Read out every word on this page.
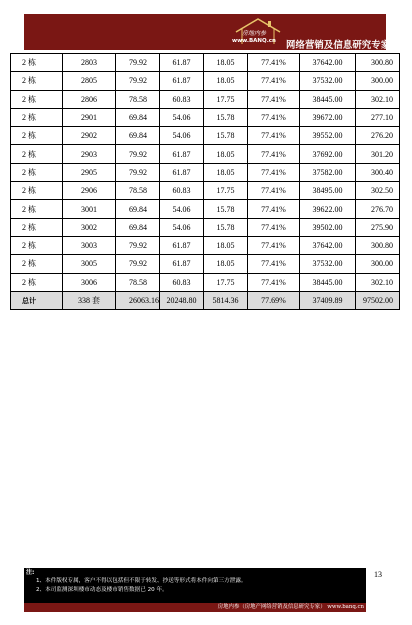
房地内参
www.BANQ.cn 网络营销及信息研究专家
2 栋	2803	79.92	61.87	18.05	77.41%	37642.00	300.80
2 栋	2805	79.92	61.87	18.05	77.41%	37532.00	300.00
2 栋	2806	78.58	60.83	17.75	77.41%	38445.00	302.10
2 栋	2901	69.84	54.06	15.78	77.41%	39672.00	277.10
2 栋	2902	69.84	54.06	15.78	77.41%	39552.00	276.20
2 栋	2903	79.92	61.87	18.05	77.41%	37692.00	301.20
2 栋	2905	79.92	61.87	18.05	77.41%	37582.00	300.40
2 栋	2906	78.58	60.83	17.75	77.41%	38495.00	302.50
2 栋	3001	69.84	54.06	15.78	77.41%	39622.00	276.70
2 栋	3002	69.84	54.06	15.78	77.41%	39502.00	275.90
2 栋	3003	79.92	61.87	18.05	77.41%	37642.00	300.80
2 栋	3005	79.92	61.87	18.05	77.41%	37532.00	300.00
2 栋	3006	78.58	60.83	17.75	77.41%	38445.00	302.10
总计	338 套	26063.16	20248.80	5814.36	77.69%	37409.89	97502.00
13
注:
1、本件版权专属，客户不得以包括但不限于转发、抄送等形式将本件向第三方泄露。
2、本司监测深圳楼市动态及楼市销售数据已 20 年。
房地内参（房地产网络营销及信息研究专家） www.banq.cn
